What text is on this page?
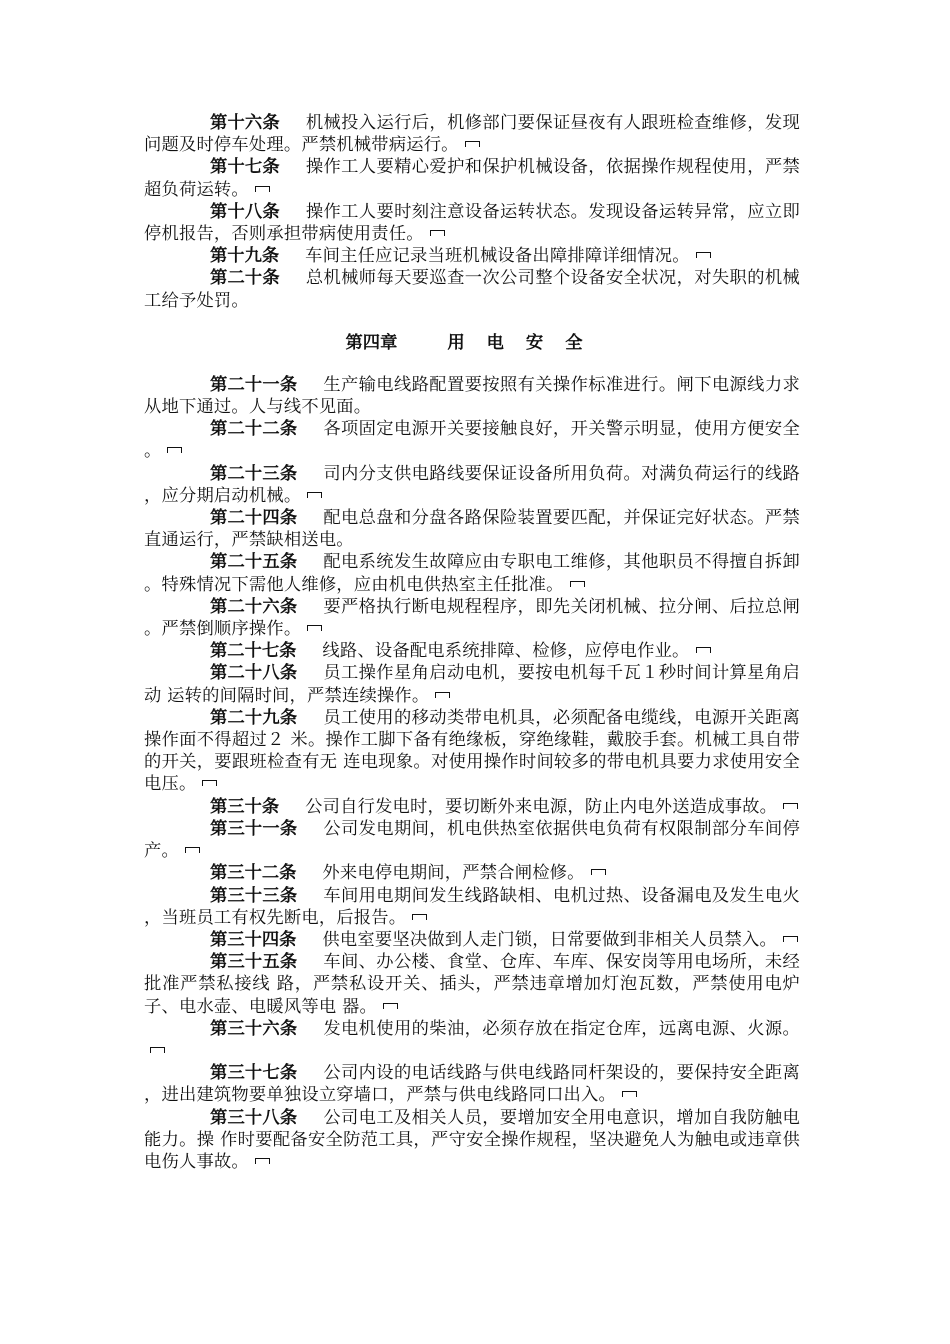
第十六条 机械投入运行后，机修部门要保证昼夜有人跟班检查维修，发现 问题及时停车处理。严禁机械带病运行。

第十七条 操作工人要精心爱护和保护机械设备，依据操作规程使用，严禁 超负荷运转。

第十八条 操作工人要时刻注意设备运转状态。发现设备运转异常，应立即 停机报告，否则承担带病使用责任。

第十九条 车间主任应记录当班机械设备出障排障详细情况。

第二十条 总机械师每天要巡查一次公司整个设备安全状况，对失职的机械 工给予处罚。

第四章	用电安全

第二十一条 生产输电线路配置要按照有关操作标准进行。闸下电源线力求 从地下通过。人与线不见面。

第二十二条 各项固定电源开关要接触良好，开关警示明显，使用方便安全 。

第二十三条 司内分支供电路线要保证设备所用负荷。对满负荷运行的线路 ，应分期启动机械。

第二十四条 配电总盘和分盘各路保险装置要匹配，并保证完好状态。严禁 直通运行，严禁缺相送电。

第二十五条 配电系统发生故障应由专职电工维修，其他职员不得擅自拆卸 。特殊情况下需他人维修，应由机电供热室主任批准。

第二十六条 要严格执行断电规程程序，即先关闭机械、拉分闸、后拉总闸 。严禁倒顺序操作。

第二十七条 线路、设备配电系统排障、检修，应停电作业。

第二十八条 员工操作星角启动电机，要按电机每千瓦１秒时间计算星角启动 运转的间隔时间，严禁连续操作。

第二十九条 员工使用的移动类带电机具，必须配备电缆线，电源开关距离 操作面不得超过２ 米。操作工脚下备有绝缘板，穿绝缘鞋，戴胶手套。机械工具自带的开关，要跟班检查有无 连电现象。对使用操作时间较多的带电机具要力求使用安全电压。

第三十条 公司自行发电时，要切断外来电源，防止内电外送造成事故。

第三十一条 公司发电期间，机电供热室依据供电负荷有权限制部分车间停 产。

第三十二条 外来电停电期间，严禁合闸检修。

第三十三条 车间用电期间发生线路缺相、电机过热、设备漏电及发生电火 ，当班员工有权先断电，后报告。

第三十四条 供电室要坚决做到人走门锁，日常要做到非相关人员禁入。

第三十五条 车间、办公楼、食堂、仓库、车库、保安岗等用电场所，未经 批准严禁私接线 路，严禁私设开关、插头，严禁违章增加灯泡瓦数，严禁使用电炉子、电水壶、电暖风等电 器。

第三十六条 发电机使用的柴油，必须存放在指定仓库，远离电源、火源。

第三十七条 公司内设的电话线路与供电线路同杆架设的，要保持安全距离 ，进出建筑物要单独设立穿墙口，严禁与供电线路同口出入。

第三十八条 公司电工及相关人员，要增加安全用电意识，增加自我防触电 能力。操 作时要配备安全防范工具，严守安全操作规程，坚决避免人为触电或违章供电伤人事故。
